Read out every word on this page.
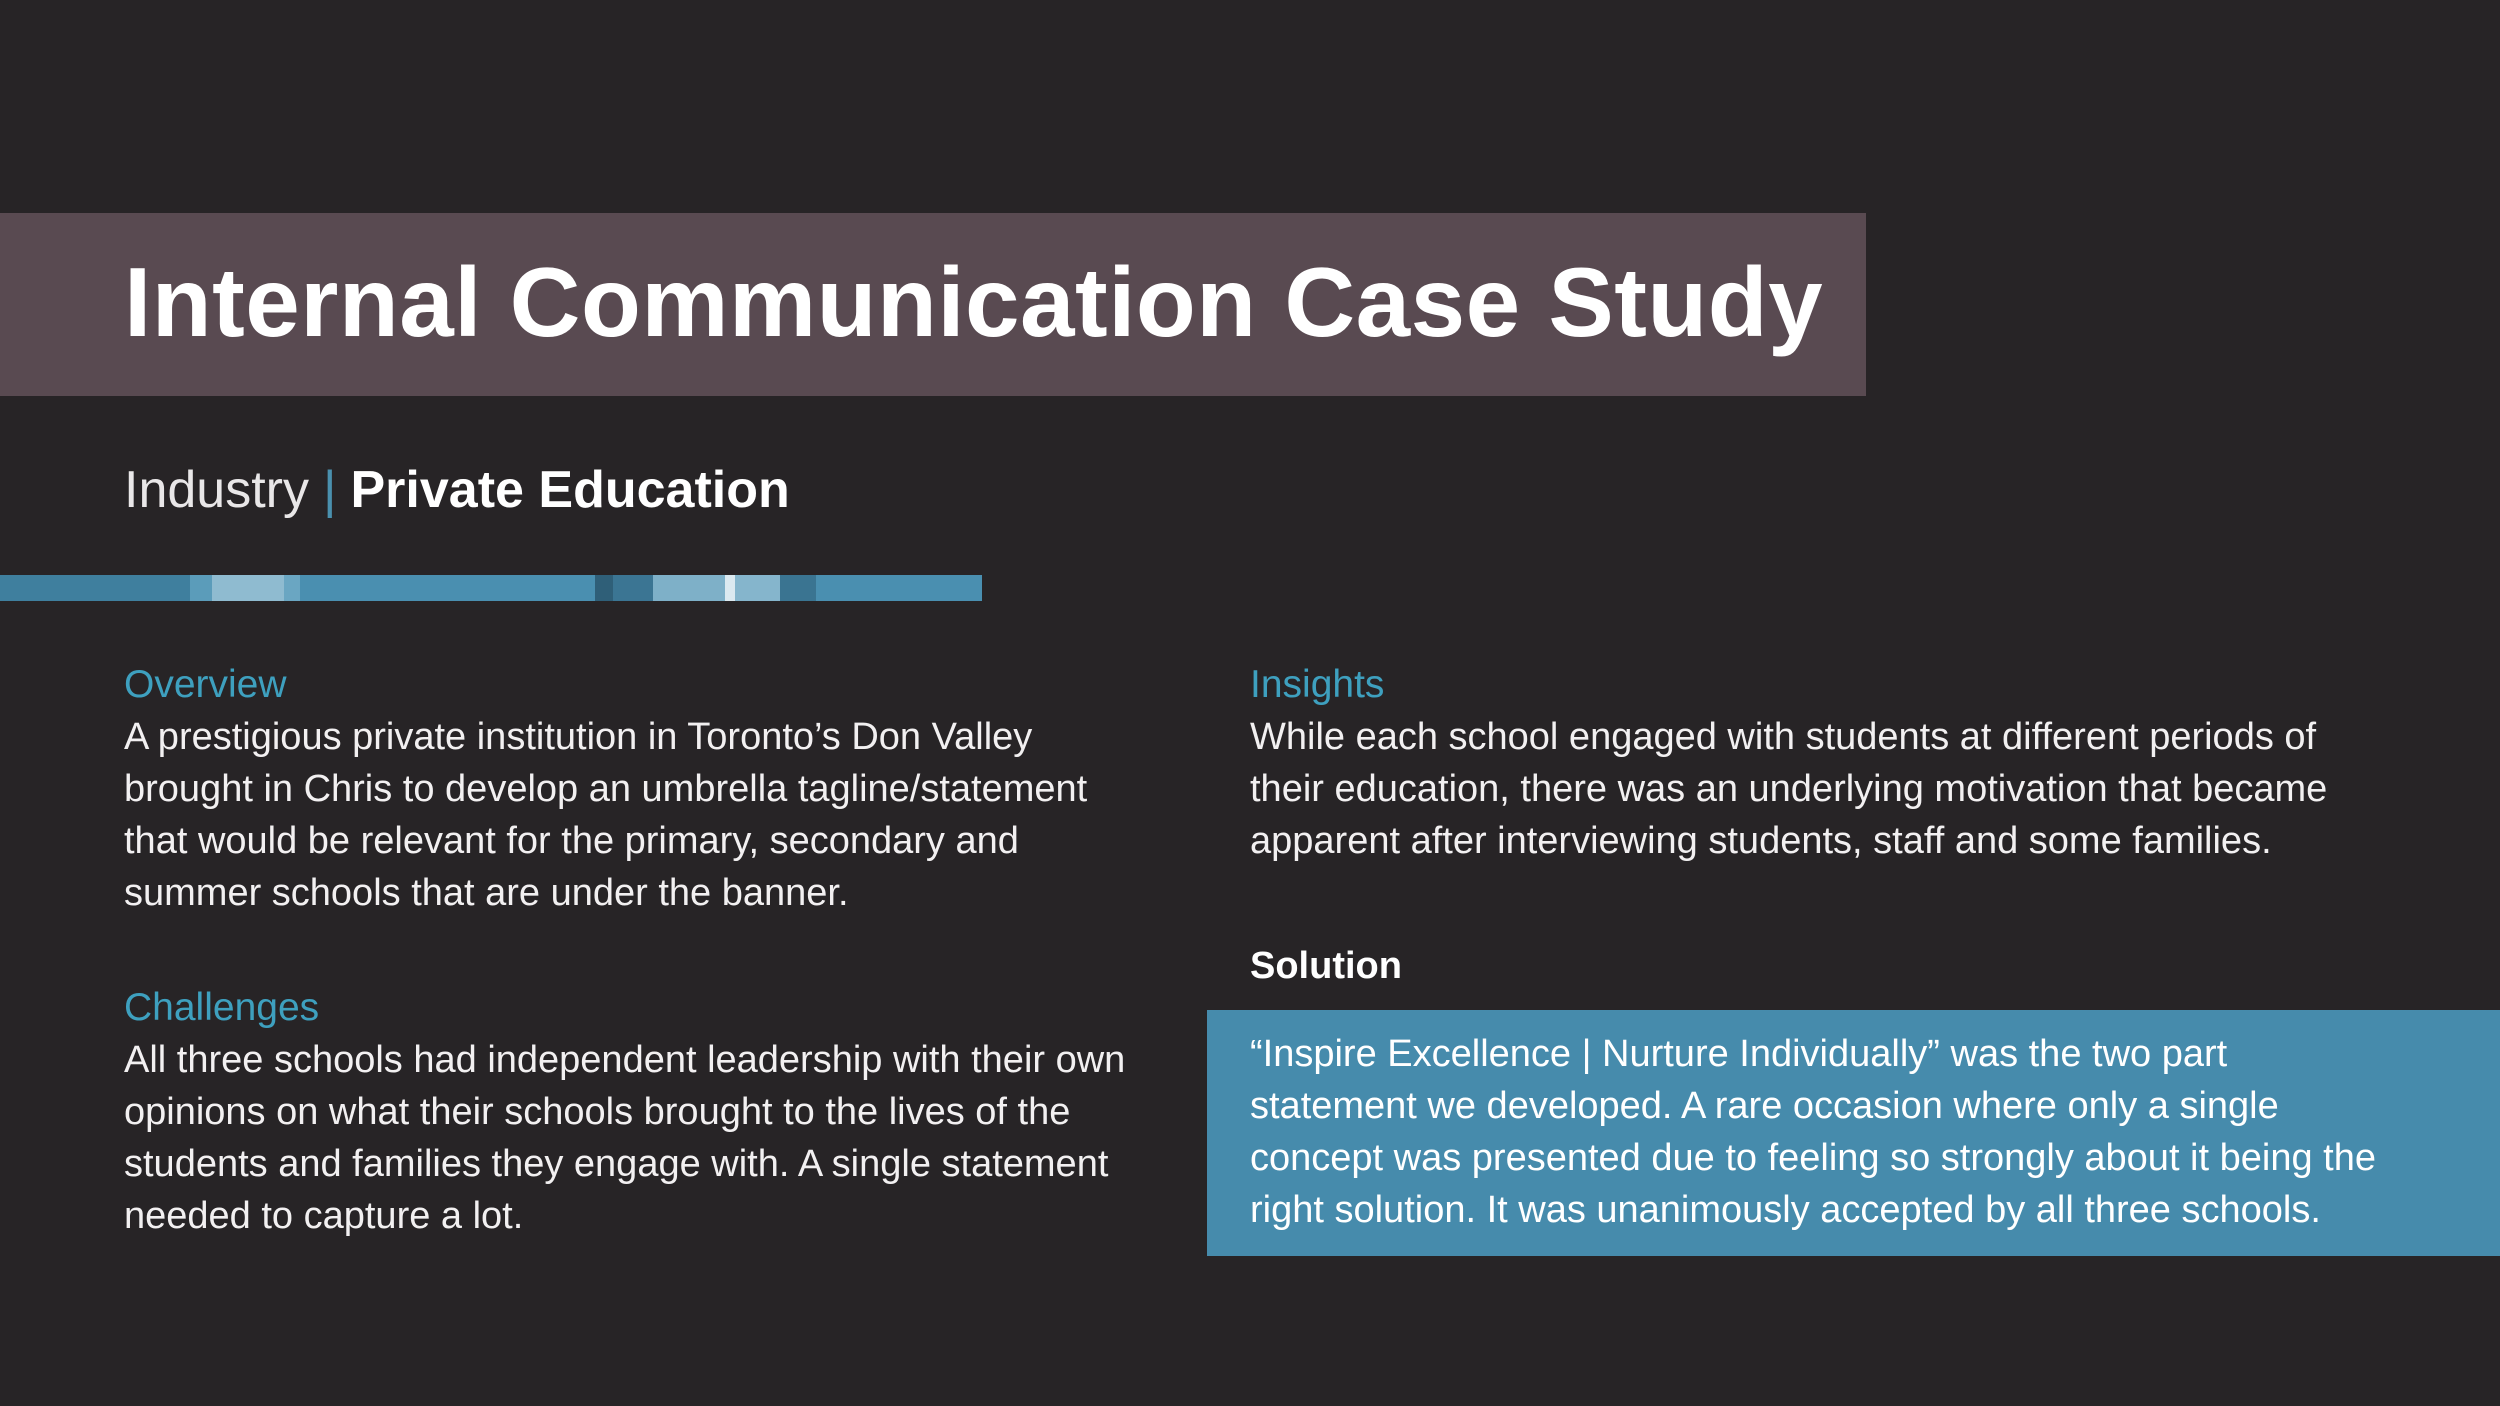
Internal Communication Case Study
Industry | Private Education
Overview

A prestigious private institution in Toronto’s Don Valley
brought in Chris to develop an umbrella tagline/statement
that would be relevant for the primary, secondary and
summer schools that are under the banner.

Challenges

All three schools had independent leadership with their own
opinions on what their schools brought to the lives of the
students and families they engage with. A single statement
needed to capture a lot.

Insights

While each school engaged with students at different periods of
their education, there was an underlying motivation that became
apparent after interviewing students, staff and some families.

Solution

“Inspire Excellence | Nurture Individually” was the two part
statement we developed. A rare occasion where only a single
concept was presented due to feeling so strongly about it being the
right solution. It was unanimously accepted by all three schools.
